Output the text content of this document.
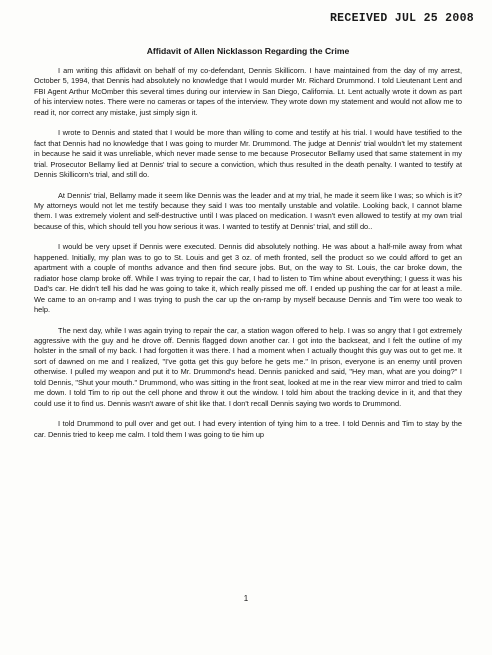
RECEIVED JUL 25 2008
Affidavit of Allen Nicklasson Regarding the Crime

I am writing this affidavit on behalf of my co-defendant, Dennis Skillicorn. I have maintained from the day of my arrest, October 5, 1994, that Dennis had absolutely no knowledge that I would murder Mr. Richard Drummond. I told Lieutenant Lent and FBI Agent Arthur McOmber this several times during our interview in San Diego, California. Lt. Lent actually wrote it down as part of his interview notes. There were no cameras or tapes of the interview. They wrote down my statement and would not allow me to read it, nor correct any mistake, just simply sign it.

I wrote to Dennis and stated that I would be more than willing to come and testify at his trial. I would have testified to the fact that Dennis had no knowledge that I was going to murder Mr. Drummond. The judge at Dennis' trial wouldn't let my statement in because he said it was unreliable, which never made sense to me because Prosecutor Bellamy used that same statement in my trial. Prosecutor Bellamy lied at Dennis' trial to secure a conviction, which thus resulted in the death penalty. I wanted to testify at Dennis Skillicorn's trial, and still do.

At Dennis' trial, Bellamy made it seem like Dennis was the leader and at my trial, he made it seem like I was; so which is it? My attorneys would not let me testify because they said I was too mentally unstable and volatile. Looking back, I cannot blame them. I was extremely violent and self-destructive until I was placed on medication. I wasn't even allowed to testify at my own trial because of this, which should tell you how serious it was. I wanted to testify at Dennis' trial, and still do..

I would be very upset if Dennis were executed. Dennis did absolutely nothing. He was about a half-mile away from what happened. Initially, my plan was to go to St. Louis and get 3 oz. of meth fronted, sell the product so we could afford to get an apartment with a couple of months advance and then find secure jobs. But, on the way to St. Louis, the car broke down, the radiator hose clamp broke off. While I was trying to repair the car, I had to listen to Tim whine about everything; I guess it was his Dad's car. He didn't tell his dad he was going to take it, which really pissed me off. I ended up pushing the car for at least a mile. We came to an on-ramp and I was trying to push the car up the on-ramp by myself because Dennis and Tim were too weak to help.

The next day, while I was again trying to repair the car, a station wagon offered to help. I was so angry that I got extremely aggressive with the guy and he drove off. Dennis flagged down another car. I got into the backseat, and I felt the outline of my holster in the small of my back. I had forgotten it was there. I had a moment when I actually thought this guy was out to get me. It sort of dawned on me and I realized, "I've gotta get this guy before he gets me." In prison, everyone is an enemy until proven otherwise. I pulled my weapon and put it to Mr. Drummond's head. Dennis panicked and said, "Hey man, what are you doing?" I told Dennis, "Shut your mouth." Drummond, who was sitting in the front seat, looked at me in the rear view mirror and tried to calm me down. I told Tim to rip out the cell phone and throw it out the window. I told him about the tracking device in it, and that they could use it to find us. Dennis wasn't aware of shit like that. I don't recall Dennis saying two words to Drummond.

I told Drummond to pull over and get out. I had every intention of tying him to a tree. I told Dennis and Tim to stay by the car. Dennis tried to keep me calm. I told them I was going to tie him up

1
